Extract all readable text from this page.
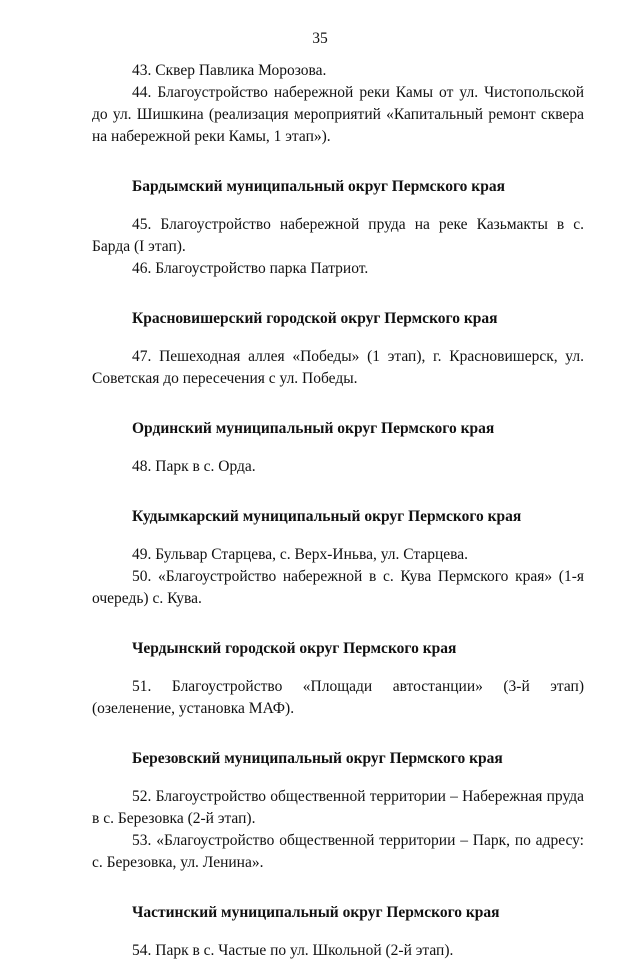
35

43. Сквер Павлика Морозова.

44. Благоустройство набережной реки Камы от ул. Чистопольской до ул. Шишкина (реализация мероприятий «Капитальный ремонт сквера на набережной реки Камы, 1 этап»).

Бардымский муниципальный округ Пермского края

45. Благоустройство набережной пруда на реке Казьмакты в с. Барда (I этап).

46. Благоустройство парка Патриот.

Красновишерский городской округ Пермского края

47. Пешеходная аллея «Победы» (1 этап), г. Красновишерск, ул. Советская до пересечения с ул. Победы.

Ординский муниципальный округ Пермского края

48. Парк в с. Орда.

Кудымкарский муниципальный округ Пермского края

49. Бульвар Старцева, с. Верх-Иньва, ул. Старцева.

50. «Благоустройство набережной в с. Кува Пермского края» (1-я очередь) с. Кува.

Чердынский городской округ Пермского края

51. Благоустройство «Площади автостанции» (3-й этап) (озеленение, установка МАФ).

Березовский муниципальный округ Пермского края

52. Благоустройство общественной территории – Набережная пруда в с. Березовка (2-й этап).

53. «Благоустройство общественной территории – Парк, по адресу: с. Березовка, ул. Ленина».

Частинский муниципальный округ Пермского края

54. Парк в с. Частые по ул. Школьной (2-й этап).
